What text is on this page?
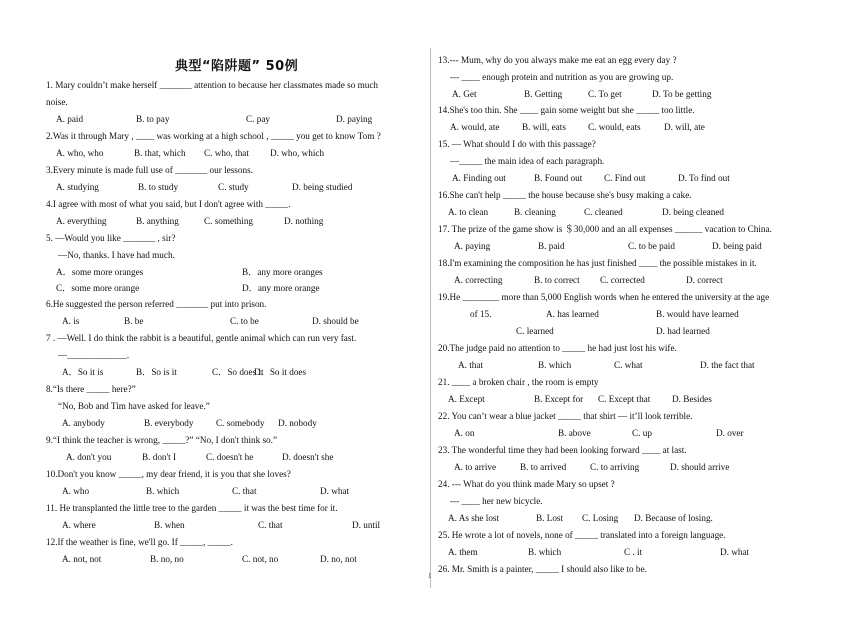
典型“陷阱题” 50例
1
1. Mary couldn’t make herself _______ attention to because her classmates made so much
noise.
A. paid	B. to pay	C. pay	D. paying
2.Was it through Mary , ____ was working at a high school , _____ you get to know Tom ?
A. who, who	B. that, which C. who, that D. who, which
3.Every minute is made full use of _______ our lessons.
A. studying	B. to study	C. study	D. being studied
4.I agree with most of what you said, but I don't agree with _____.
A. everything	B. anything	C. something	D. nothing
5. —Would you like _______ , sir?
—No, thanks. I have had much.
A．some more oranges	B．any more oranges
C．some more orange	D．any more orange
6.He suggested the person referred _______ put into prison.
A. is	B. be	C. to be	D. should be
7 . —Well. I do think the rabbit is a beautiful, gentle animal which can run very fast.
—_____________.
A．So it is	B．So is it	C．So does it
D．So it does
8.“Is there _____ here?”
“No, Bob and Tim have asked for leave.”
A. anybody	B. everybody C. somebody D. nobody
9.“I think the teacher is wrong, _____?” “No, I don't think so.”
A. don't you	B. don't I	C. doesn't he	D. doesn't she
10.Don't you know _____, my dear friend, it is you that she loves?
A. who	B. which	C. that	D. what
11. He transplanted the little tree to the garden _____ it was the best time for it.
A. where	B. when	C. that	D. until
12.If the weather is fine, we'll go. If _____, _____.
A. not, not	B. no, no	C. not, no	D. no, not
13.--- Mum, why do you always make me eat an egg every day ?
--- ____ enough protein and nutrition as you are growing up.
A. Get	B. Getting	C. To get	D. To be getting
14.She's too thin. She ____ gain some weight but she _____ too little.
A. would, ate B. will, eats C. would, eats	D. will, ate
15. — What should I do with this passage?
—_____ the main idea of each paragraph.
A. Finding out	B. Found out C. Find out	D. To find out
16.She can't help _____ the house because she's busy making a cake.
A. to clean	B. cleaning	C. cleaned	D. being cleaned
17. The prize of the game show is ＄30,000 and an all expenses ______ vacation to China.
A. paying	B. paid	C. to be paid	D. being paid
18.I'm examining the composition he has just finished ____ the possible mistakes in it.
A. correcting	B. to correct C. corrected	D. correct
19.He ________ more than 5,000 English words when he entered the university at the age
of 15.	A. has learned	B. would have learned
C. learned	D. had learned
20.The judge paid no attention to _____ he had just lost his wife.
A. that	B. which	C. what	D. the fact that
21. ____ a broken chair , the room is empty
A. Except	B. Except for C. Except that D. Besides
22. You can’t wear a blue jacket _____ that shirt — it’ll look terrible.
A. on	B. above	C. up	D. over
23. The wonderful time they had been looking forward ____ at last.
A. to arrive	B. to arrived	C. to arriving	D. should arrive
24. --- What do you think made Mary so upset ?
--- ____ her new bicycle.
A. As she lost	B. Lost C. Losing D. Because of losing.
25. He wrote a lot of novels, none of _____ translated into a foreign language.
A. them	B. which	C . it	D. what
26. Mr. Smith is a painter, _____ I should also like to be.
